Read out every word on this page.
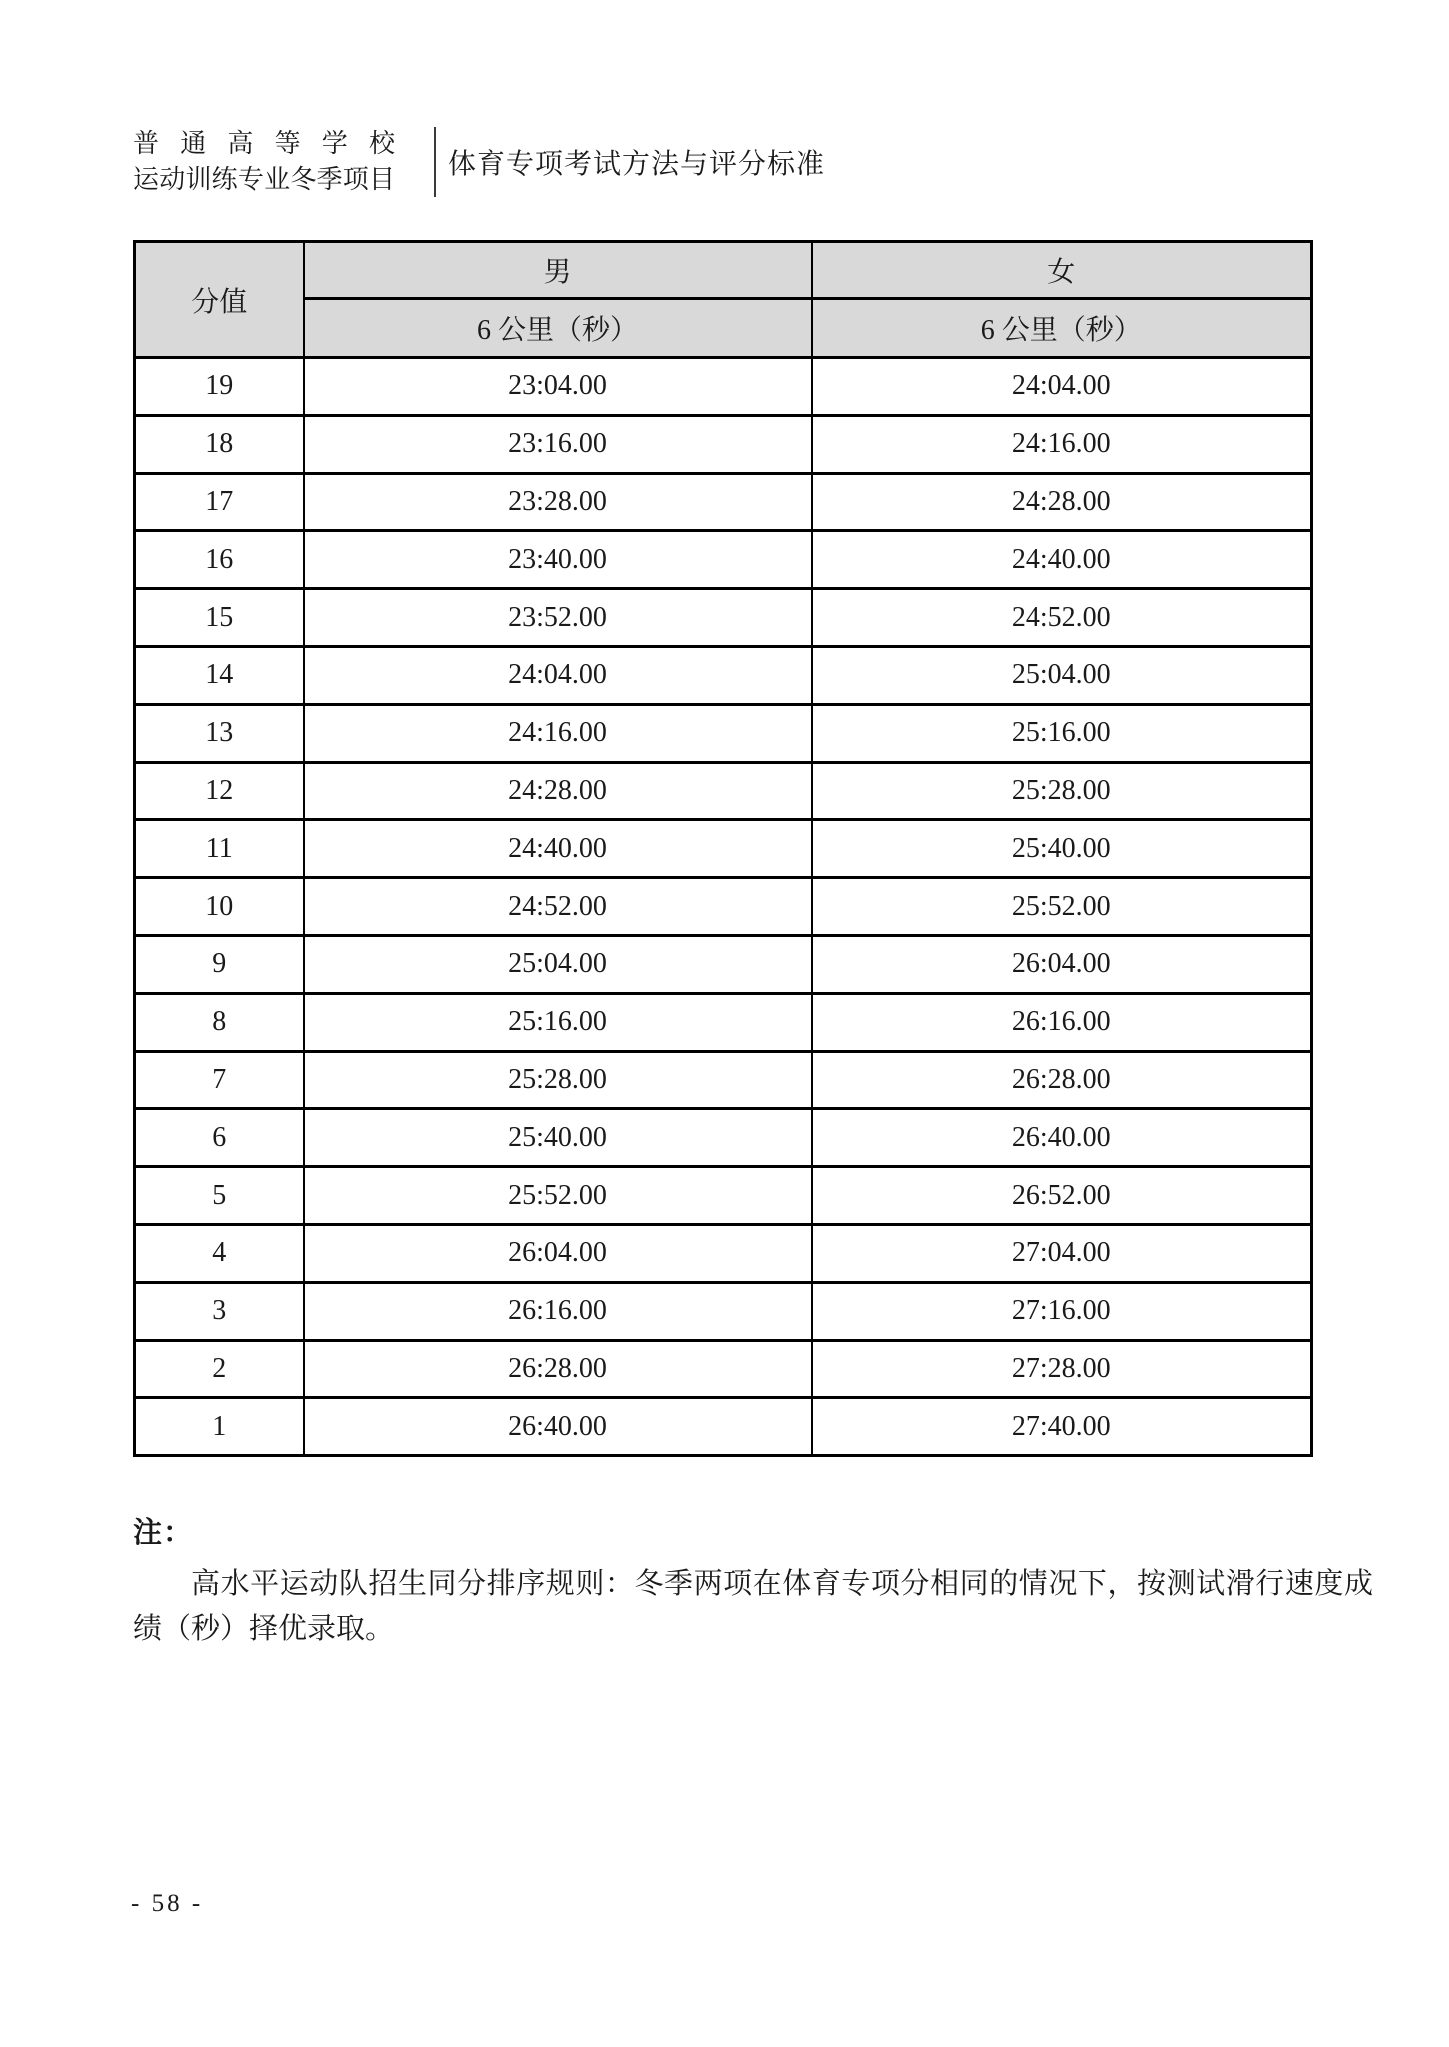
普通高等学校
运动训练专业冬季项目
体育专项考试方法与评分标准
分值	男	女
	6 公里（秒）	6 公里（秒）
19	23:04.00	24:04.00
18	23:16.00	24:16.00
17	23:28.00	24:28.00
16	23:40.00	24:40.00
15	23:52.00	24:52.00
14	24:04.00	25:04.00
13	24:16.00	25:16.00
12	24:28.00	25:28.00
11	24:40.00	25:40.00
10	24:52.00	25:52.00
9	25:04.00	26:04.00
8	25:16.00	26:16.00
7	25:28.00	26:28.00
6	25:40.00	26:40.00
5	25:52.00	26:52.00
4	26:04.00	27:04.00
3	26:16.00	27:16.00
2	26:28.00	27:28.00
1	26:40.00	27:40.00
注：

高水平运动队招生同分排序规则：冬季两项在体育专项分相同的情况下，按测试滑行速度成绩（秒）择优录取。

- 58 -
